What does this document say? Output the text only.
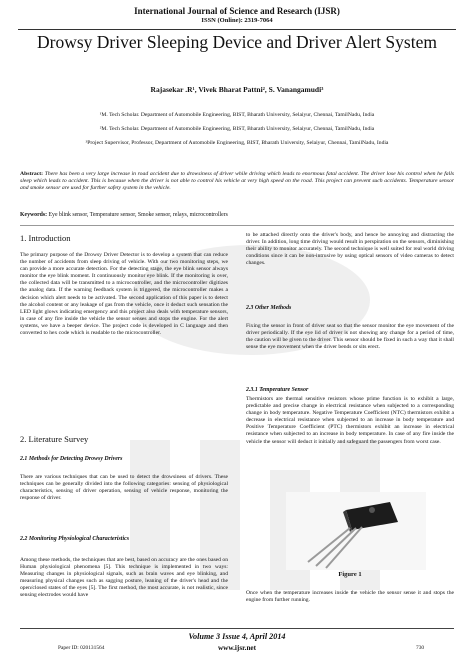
International Journal of Science and Research (IJSR)
ISSN (Online): 2319-7064
Drowsy Driver Sleeping Device and Driver Alert System
Rajasekar .R¹, Vivek Bharat Pattni², S. Vanangamudi³
¹M. Tech Scholar. Department of Automobile Engineering, BIST, Bharath University, Selaiyur, Chennai, TamilNadu, India
²M. Tech Scholar. Department of Automobile Engineering, BIST, Bharath University, Selaiyur, Chennai, TamilNadu, India
³Project Supervisor, Professor, Department of Automobile Engineering, BIST, Bharath University, Selaiyur, Chennai, TamilNadu, India
Abstract: There has been a very large increase in road accident due to drowsiness of driver while driving which leads to enormous fatal accident. The driver lose his control when he falls sleep which leads to accident. This is because when the driver is not able to control his vehicle at very high speed on the road. This project can prevent such accidents. Temperature sensor and smoke sensor are used for further safety system in the vehicle.
Keywords: Eye blink sensor, Temperature sensor, Smoke sensor, relays, microcontrollers
1. Introduction

The primary purpose of the Drowsy Driver Detector is to develop a system that can reduce the number of accidents from sleep driving of vehicle. With our two monitoring steps, we can provide a more accurate detection. For the detecting stage, the eye blink sensor always monitor the eye blink moment. It continuously monitor eye blink. If the monitoring is over, the collected data will be transmitted to a microcontroller, and the microcontroller digitizes the analog data. If the warning feedback system is triggered, the microcontroller makes a decision which alert needs to be activated. The second application of this paper is to detect the alcohol content or any leakage of gas from the vehicle, once it deduct such sensation the LED light glows indicating emergency and this project also deals with temperature sensors, in case of any fire inside the vehicle the sensor senses and stops the engine. For the alert systems, we have a beeper device. The project code is developed in C language and then converted to hex code which is readable to the microcontroller.

2. Literature Survey
2.1 Methods for Detecting Drowsy Drivers

There are various techniques that can be used to detect the drowsiness of drivers. These techniques can be generally divided into the following categories: sensing of physiological characteristics, sensing of driver operation, sensing of vehicle response, monitoring the response of driver.

2.2 Monitoring Physiological Characteristics

Among these methods, the techniques that are best, based on accuracy are the ones based on Human physiological phenomena [5]. This technique is implemented in two ways: Measuring changes in physiological signals, such as brain waves and eye blinking, and measuring physical changes such as sagging posture, leaning of the driver's head and the open/closed states of the eyes [5]. The first method, the most accurate, is not realistic, since sensing electrodes would have

to be attached directly onto the driver's body, and hence be annoying and distracting the driver. In addition, long time driving would result in perspiration on the sensors, diminishing their ability to monitor accurately. The second technique is well suited for real world driving conditions since it can be non-intrusive by using optical sensors of video cameras to detect changes.

2.3 Other Methods

Fixing the sensor in front of driver seat so that the sensor monitor the eye movement of the driver periodically. If the eye lid of driver is not showing any change for a period of time, the caution will be given to the driver. This sensor should be fixed in such a way that it shall sense the eye movement when the driver bends or sits erect.

2.3.1 Temperature Sensor

Thermistors are thermal sensitive resistors whose prime function is to exhibit a large, predictable and precise change in electrical resistance when subjected to a corresponding change in body temperature. Negative Temperature Coefficient (NTC) thermistors exhibit a decrease in electrical resistance when subjected to an increase in body temperature and Positive Temperature Coefficient (PTC) thermistors exhibit an increase in electrical resistance when subjected to an increase in body temperature. In case of any fire inside the vehicle the sensor will deduct it initially and safeguard the passengers from worst case.

Figure 1

Once when the temperature increases inside the vehicle the sensor sense it and stops the engine from further running.

Volume 3 Issue 4, April 2014
www.ijsr.net
Paper ID: 020131564	730
